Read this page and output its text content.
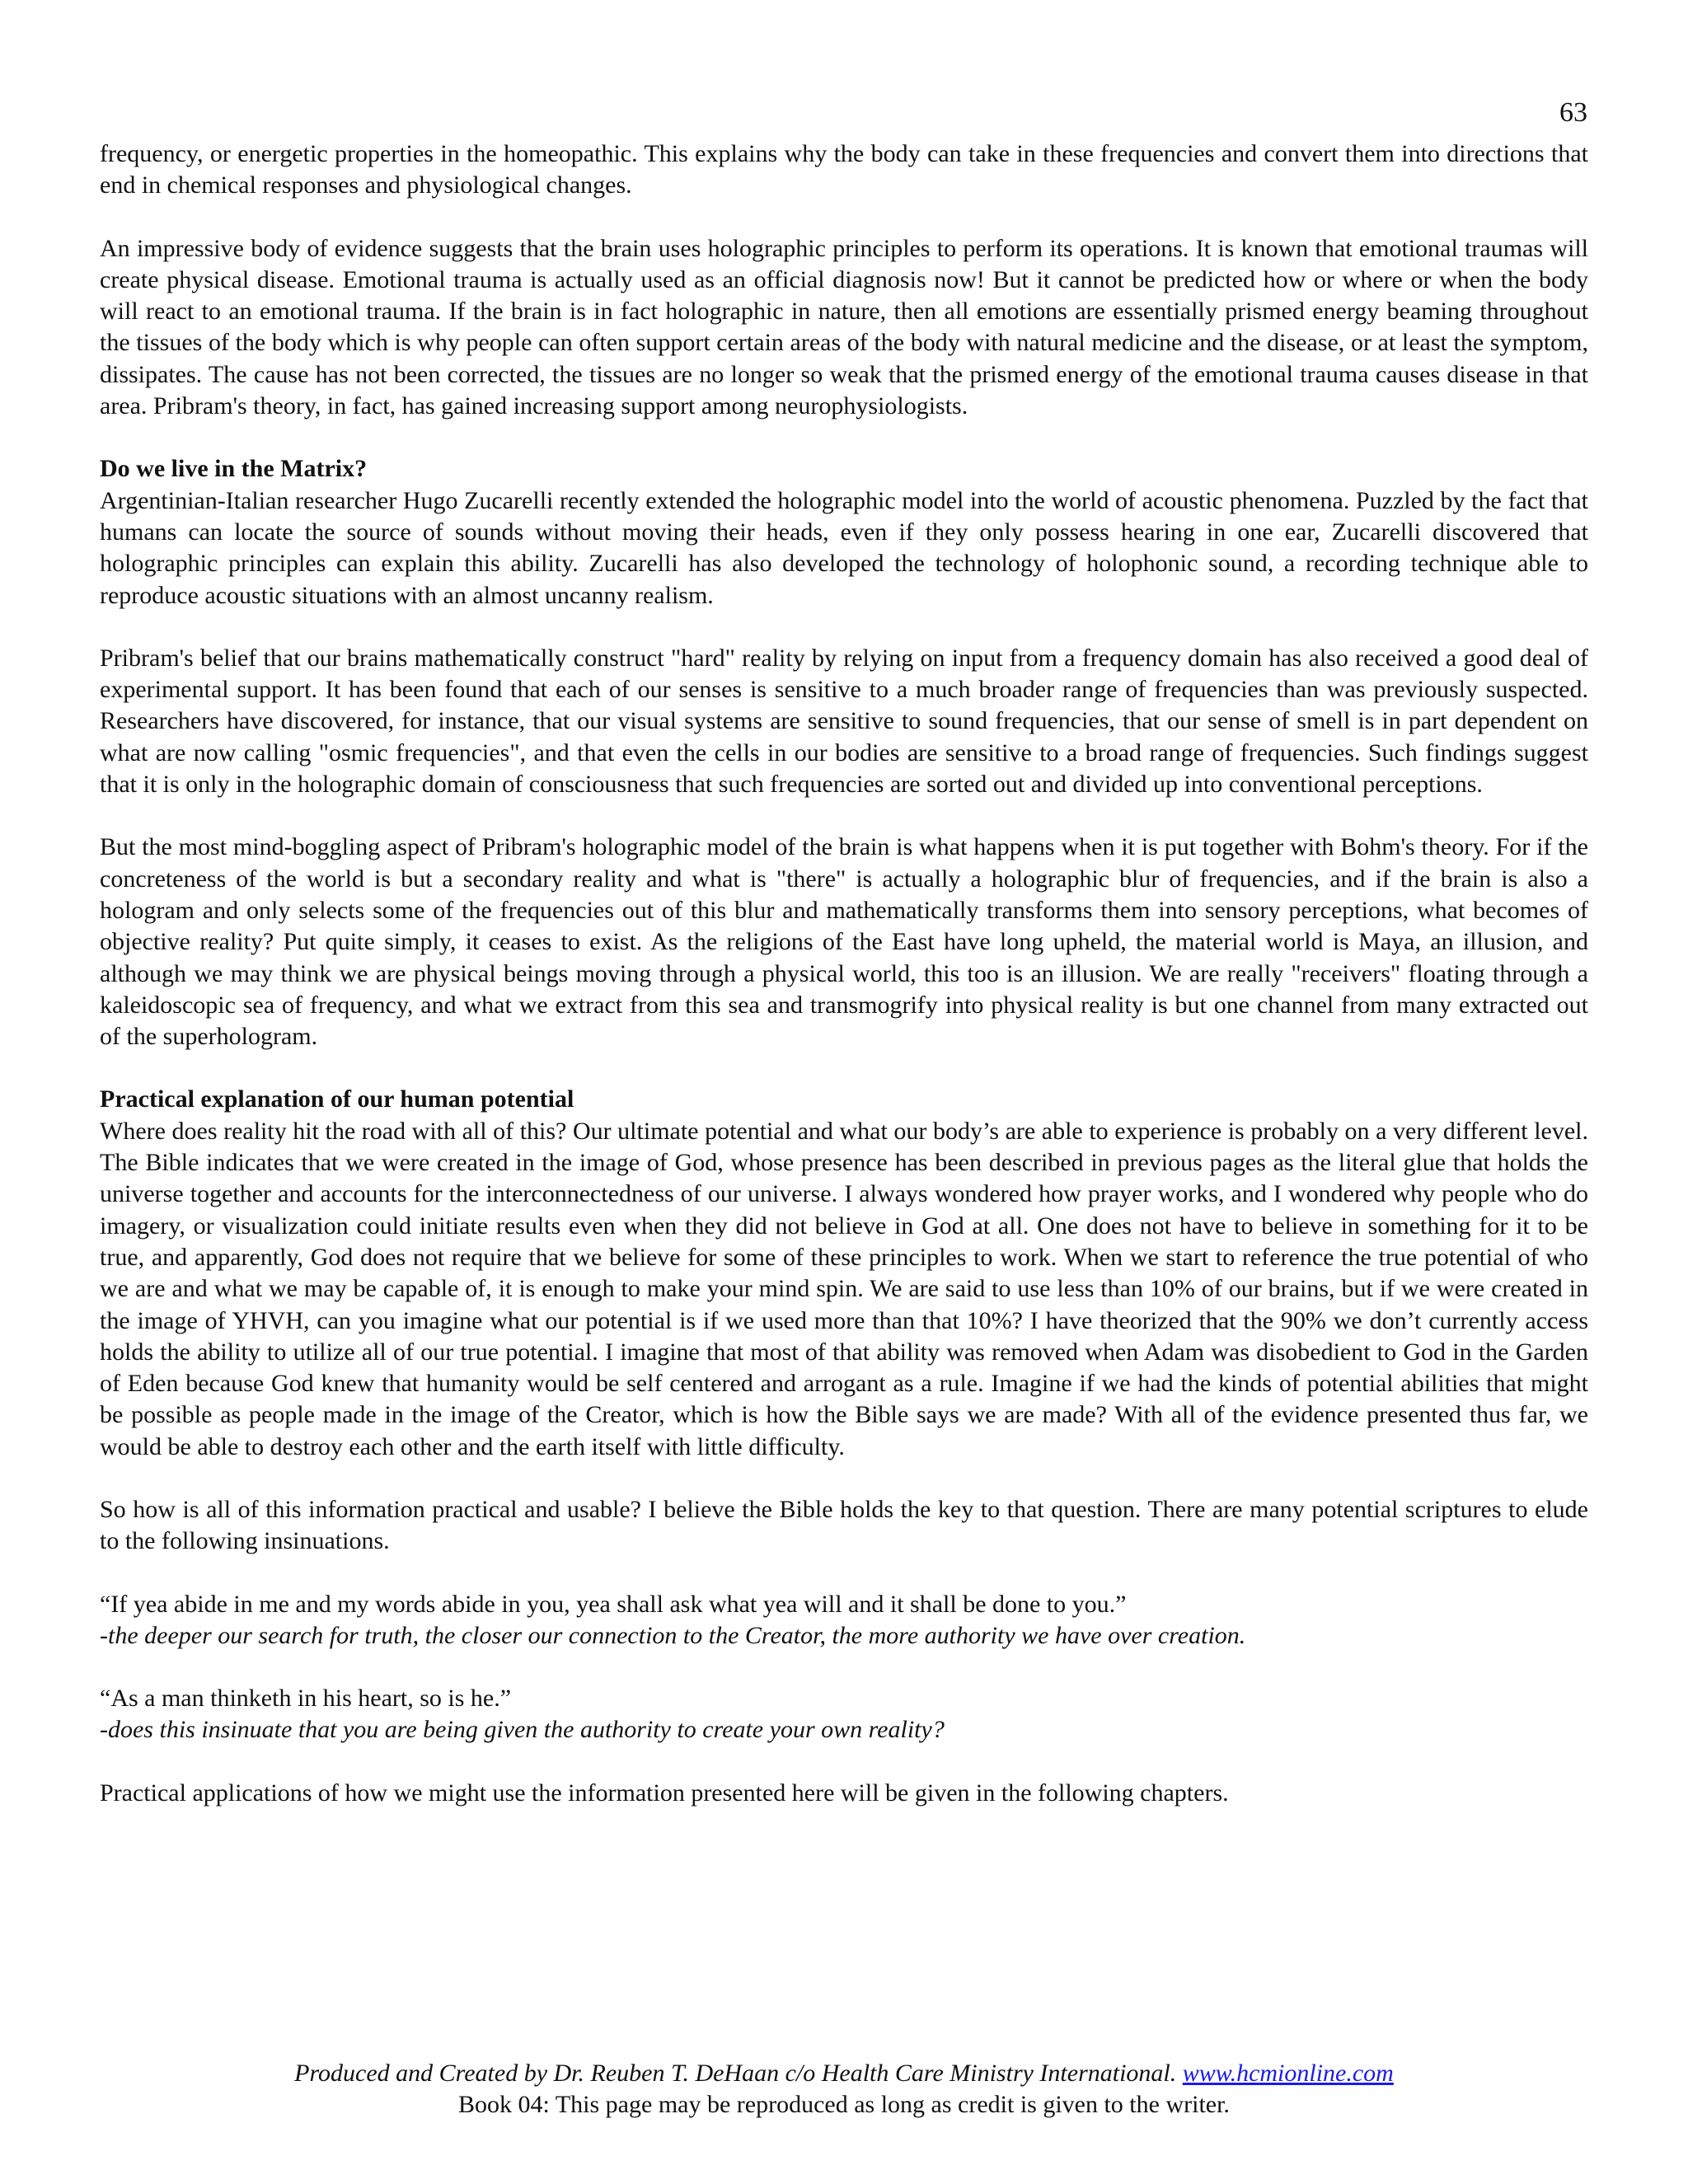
63

frequency, or energetic properties in the homeopathic. This explains why the body can take in these frequencies and convert them into directions that end in chemical responses and physiological changes.

An impressive body of evidence suggests that the brain uses holographic principles to perform its operations. It is known that emotional traumas will create physical disease. Emotional trauma is actually used as an official diagnosis now! But it cannot be predicted how or where or when the body will react to an emotional trauma. If the brain is in fact holographic in nature, then all emotions are essentially prismed energy beaming throughout the tissues of the body which is why people can often support certain areas of the body with natural medicine and the disease, or at least the symptom, dissipates. The cause has not been corrected, the tissues are no longer so weak that the prismed energy of the emotional trauma causes disease in that area. Pribram's theory, in fact, has gained increasing support among neurophysiologists.

Do we live in the Matrix?

Argentinian-Italian researcher Hugo Zucarelli recently extended the holographic model into the world of acoustic phenomena. Puzzled by the fact that humans can locate the source of sounds without moving their heads, even if they only possess hearing in one ear, Zucarelli discovered that holographic principles can explain this ability. Zucarelli has also developed the technology of holophonic sound, a recording technique able to reproduce acoustic situations with an almost uncanny realism.

Pribram's belief that our brains mathematically construct "hard" reality by relying on input from a frequency domain has also received a good deal of experimental support. It has been found that each of our senses is sensitive to a much broader range of frequencies than was previously suspected. Researchers have discovered, for instance, that our visual systems are sensitive to sound frequencies, that our sense of smell is in part dependent on what are now calling "osmic frequencies", and that even the cells in our bodies are sensitive to a broad range of frequencies. Such findings suggest that it is only in the holographic domain of consciousness that such frequencies are sorted out and divided up into conventional perceptions.

But the most mind-boggling aspect of Pribram's holographic model of the brain is what happens when it is put together with Bohm's theory. For if the concreteness of the world is but a secondary reality and what is "there" is actually a holographic blur of frequencies, and if the brain is also a hologram and only selects some of the frequencies out of this blur and mathematically transforms them into sensory perceptions, what becomes of objective reality? Put quite simply, it ceases to exist. As the religions of the East have long upheld, the material world is Maya, an illusion, and although we may think we are physical beings moving through a physical world, this too is an illusion. We are really "receivers" floating through a kaleidoscopic sea of frequency, and what we extract from this sea and transmogrify into physical reality is but one channel from many extracted out of the superhologram.

Practical explanation of our human potential

Where does reality hit the road with all of this? Our ultimate potential and what our body’s are able to experience is probably on a very different level. The Bible indicates that we were created in the image of God, whose presence has been described in previous pages as the literal glue that holds the universe together and accounts for the interconnectedness of our universe. I always wondered how prayer works, and I wondered why people who do imagery, or visualization could initiate results even when they did not believe in God at all. One does not have to believe in something for it to be true, and apparently, God does not require that we believe for some of these principles to work. When we start to reference the true potential of who we are and what we may be capable of, it is enough to make your mind spin. We are said to use less than 10% of our brains, but if we were created in the image of YHVH, can you imagine what our potential is if we used more than that 10%? I have theorized that the 90% we don’t currently access holds the ability to utilize all of our true potential. I imagine that most of that ability was removed when Adam was disobedient to God in the Garden of Eden because God knew that humanity would be self centered and arrogant as a rule. Imagine if we had the kinds of potential abilities that might be possible as people made in the image of the Creator, which is how the Bible says we are made? With all of the evidence presented thus far, we would be able to destroy each other and the earth itself with little difficulty.

So how is all of this information practical and usable? I believe the Bible holds the key to that question. There are many potential scriptures to elude to the following insinuations.

“If yea abide in me and my words abide in you, yea shall ask what yea will and it shall be done to you.”

-the deeper our search for truth, the closer our connection to the Creator, the more authority we have over creation.

“As a man thinketh in his heart, so is he.”

-does this insinuate that you are being given the authority to create your own reality?

Practical applications of how we might use the information presented here will be given in the following chapters.

Produced and Created by Dr. Reuben T. DeHaan c/o Health Care Ministry International. www.hcmionline.com
Book 04: This page may be reproduced as long as credit is given to the writer.
